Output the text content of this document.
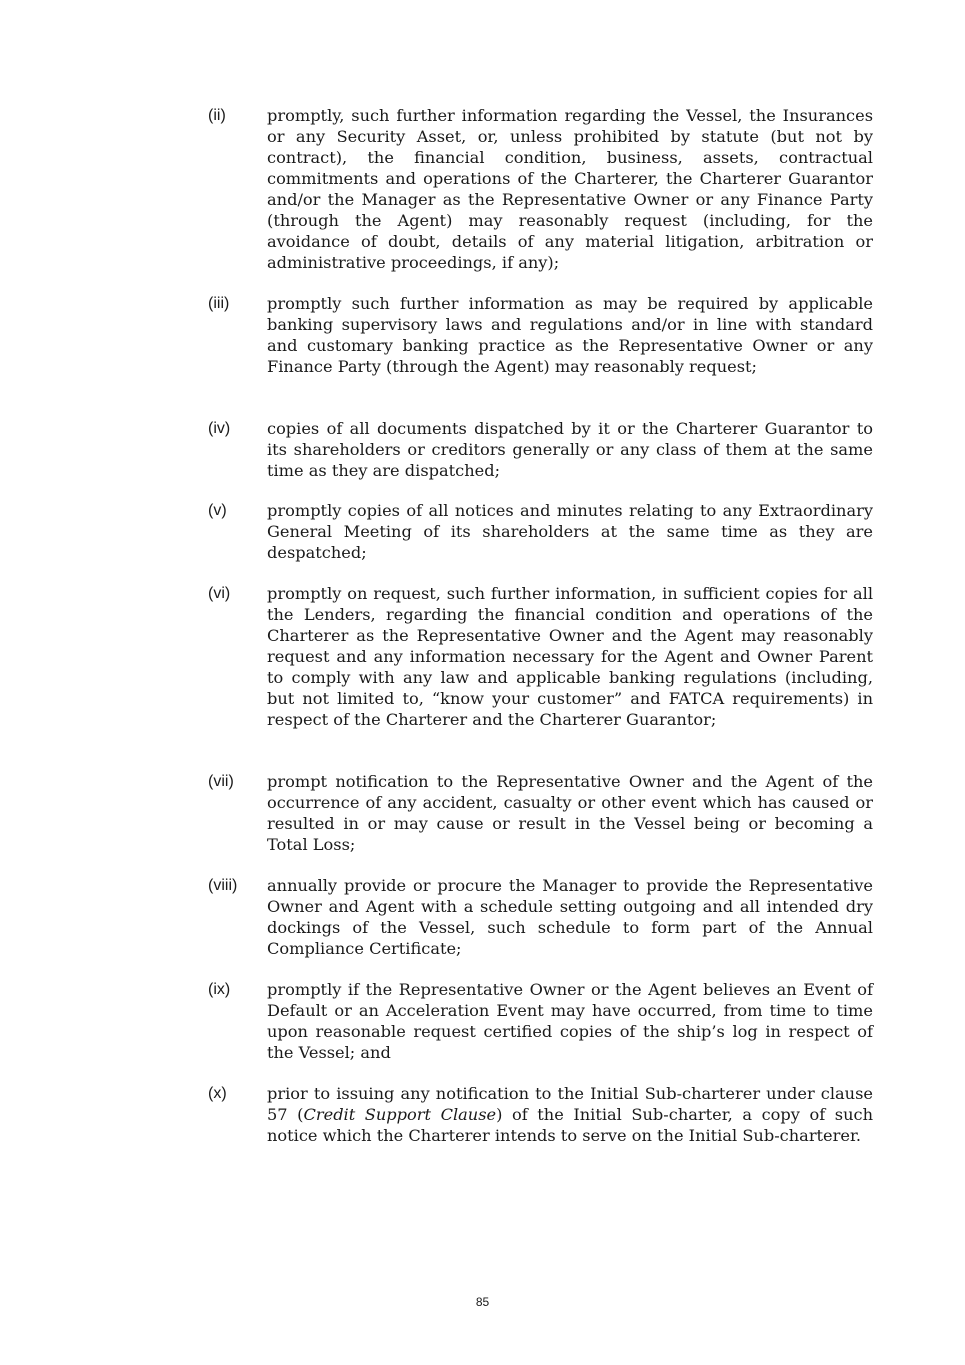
(ii)	promptly, such further information regarding the Vessel, the Insurances or any Security Asset, or, unless prohibited by statute (but not by contract), the financial condition, business, assets, contractual commitments and operations of the Charterer, the Charterer Guarantor and/or the Manager as the Representative Owner or any Finance Party (through the Agent) may reasonably request (including, for the avoidance of doubt, details of any material litigation, arbitration or administrative proceedings, if any);

(iii) promptly such further information as may be required by applicable banking supervisory laws and regulations and/or in line with standard and customary banking practice as the Representative Owner or any Finance Party (through the Agent) may reasonably request;

(iv) copies of all documents dispatched by it or the Charterer Guarantor to its shareholders or creditors generally or any class of them at the same time as they are dispatched;

(v) promptly copies of all notices and minutes relating to any Extraordinary General Meeting of its shareholders at the same time as they are despatched;

(vi) promptly on request, such further information, in sufficient copies for all the Lenders, regarding the financial condition and operations of the Charterer as the Representative Owner and the Agent may reasonably request and any information necessary for the Agent and Owner Parent to comply with any law and applicable banking regulations (including, but not limited to, “know your customer” and FATCA requirements) in respect of the Charterer and the Charterer Guarantor;

(vii) prompt notification to the Representative Owner and the Agent of the occurrence of any accident, casualty or other event which has caused or resulted in or may cause or result in the Vessel being or becoming a Total Loss;

(viii) annually provide or procure the Manager to provide the Representative Owner and Agent with a schedule setting outgoing and all intended dry dockings of the Vessel, such schedule to form part of the Annual Compliance Certificate;

(ix) promptly if the Representative Owner or the Agent believes an Event of Default or an Acceleration Event may have occurred, from time to time upon reasonable request certified copies of the ship’s log in respect of the Vessel; and

(x) prior to issuing any notification to the Initial Sub-charterer under clause 57 (Credit Support Clause) of the Initial Sub-charter, a copy of such notice which the Charterer intends to serve on the Initial Sub-charterer.

85
